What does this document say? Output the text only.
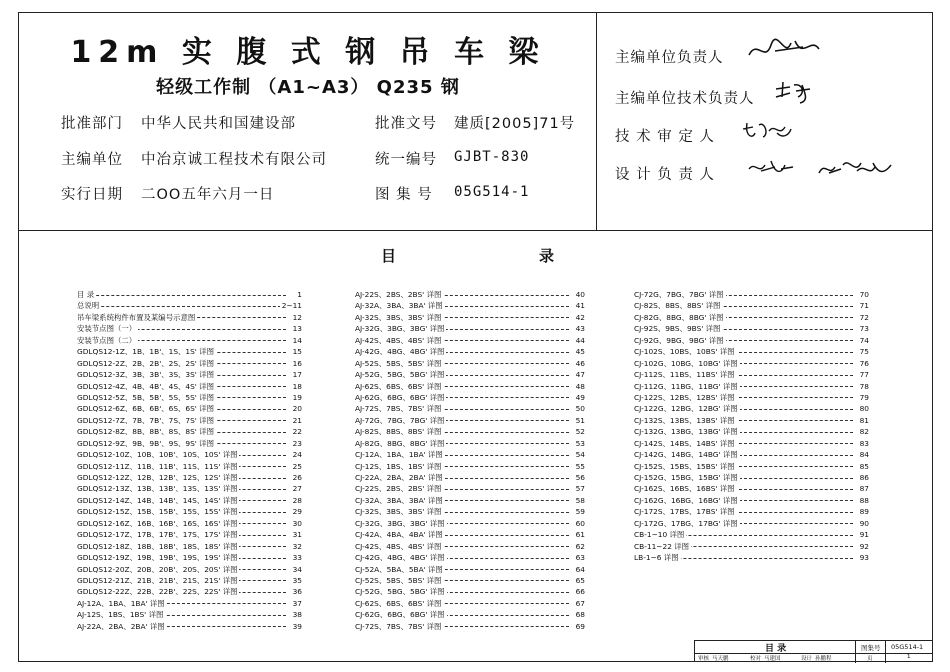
12m 实 腹 式 钢 吊 车 梁
轻级工作制 （A1~A3） Q235 钢
批准部门 中华人民共和国建设部
主编单位 中冶京诚工程技术有限公司
实行日期 二OO五年六月一日
批准文号 建质[2005]71号
统一编号 GJBT-830
图 集 号 05G514-1
主编单位负责人
主编单位技术负责人
技 术 审 定 人
设 计 负 责 人
目	录
目 录	1
总说明	2~11
吊车梁系统构件布置及某编号示意图	12
安装节点图（一）	13
安装节点图（二）	14
GDLQS12-1Z、1B、1B'、1S、1S' 详图	15
GDLQS12-2Z、2B、2B'、2S、2S' 详图	16
GDLQS12-3Z、3B、3B'、3S、3S' 详图	17
GDLQS12-4Z、4B、4B'、4S、4S' 详图	18
GDLQS12-5Z、5B、5B'、5S、5S' 详图	19
GDLQS12-6Z、6B、6B'、6S、6S' 详图	20
GDLQS12-7Z、7B、7B'、7S、7S' 详图	21
GDLQS12-8Z、8B、8B'、8S、8S' 详图	22
GDLQS12-9Z、9B、9B'、9S、9S' 详图	23
GDLQS12-10Z、10B、10B'、10S、10S' 详图	24
GDLQS12-11Z、11B、11B'、11S、11S' 详图	25
GDLQS12-12Z、12B、12B'、12S、12S' 详图	26
GDLQS12-13Z、13B、13B'、13S、13S' 详图	27
GDLQS12-14Z、14B、14B'、14S、14S' 详图	28
GDLQS12-15Z、15B、15B'、15S、15S' 详图	29
GDLQS12-16Z、16B、16B'、16S、16S' 详图	30
GDLQS12-17Z、17B、17B'、17S、17S' 详图	31
GDLQS12-18Z、18B、18B'、18S、18S' 详图	32
GDLQS12-19Z、19B、19B'、19S、19S' 详图	33
GDLQS12-20Z、20B、20B'、20S、20S' 详图	34
GDLQS12-21Z、21B、21B'、21S、21S' 详图	35
GDLQS12-22Z、22B、22B'、22S、22S' 详图	36
AJ-12A、1BA、1BA' 详图	37
AJ-12S、1BS、1BS' 详图	38
AJ-22A、2BA、2BA' 详图	39
AJ-22S、2BS、2BS' 详图	40
AJ-32A、3BA、3BA' 详图	41
AJ-32S、3BS、3BS' 详图	42
AJ-32G、3BG、3BG' 详图	43
AJ-42S、4BS、4BS' 详图	44
AJ-42G、4BG、4BG' 详图	45
AJ-52S、5BS、5BS' 详图	46
AJ-52G、5BG、5BG' 详图	47
AJ-62S、6BS、6BS' 详图	48
AJ-62G、6BG、6BG' 详图	49
AJ-72S、7BS、7BS' 详图	50
AJ-72G、7BG、7BG' 详图	51
AJ-82S、8BS、8BS' 详图	52
AJ-82G、8BG、8BG' 详图	53
CJ-12A、1BA、1BA' 详图	54
CJ-12S、1BS、1BS' 详图	55
CJ-22A、2BA、2BA' 详图	56
CJ-22S、2BS、2BS' 详图	57
CJ-32A、3BA、3BA' 详图	58
CJ-32S、3BS、3BS' 详图	59
CJ-32G、3BG、3BG' 详图	60
CJ-42A、4BA、4BA' 详图	61
CJ-42S、4BS、4BS' 详图	62
CJ-42G、4BG、4BG' 详图	63
CJ-52A、5BA、5BA' 详图	64
CJ-52S、5BS、5BS' 详图	65
CJ-52G、5BG、5BG' 详图	66
CJ-62S、6BS、6BS' 详图	67
CJ-62G、6BG、6BG' 详图	68
CJ-72S、7BS、7BS' 详图	69
CJ-72G、7BG、7BG' 详图	70
CJ-82S、8BS、8BS' 详图	71
CJ-82G、8BG、8BG' 详图	72
CJ-92S、9BS、9BS' 详图	73
CJ-92G、9BG、9BG' 详图	74
CJ-102S、10BS、10BS' 详图	75
CJ-102G、10BG、10BG' 详图	76
CJ-112S、11BS、11BS' 详图	77
CJ-112G、11BG、11BG' 详图	78
CJ-122S、12BS、12BS' 详图	79
CJ-122G、12BG、12BG' 详图	80
CJ-132S、13BS、13BS' 详图	81
CJ-132G、13BG、13BG' 详图	82
CJ-142S、14BS、14BS' 详图	83
CJ-142G、14BG、14BG' 详图	84
CJ-152S、15BS、15BS' 详图	85
CJ-152G、15BG、15BG' 详图	86
CJ-162S、16BS、16BS' 详图	87
CJ-162G、16BG、16BG' 详图	88
CJ-172S、17BS、17BS' 详图	89
CJ-172G、17BG、17BG' 详图	90
CB-1~10 详图	91
CB-11~22 详图	92
LB-1~6 详图	93
目 录	图集号 05G514-1
审核 马天鹏	校对 马建国	设计 孙鹏程	页	1
